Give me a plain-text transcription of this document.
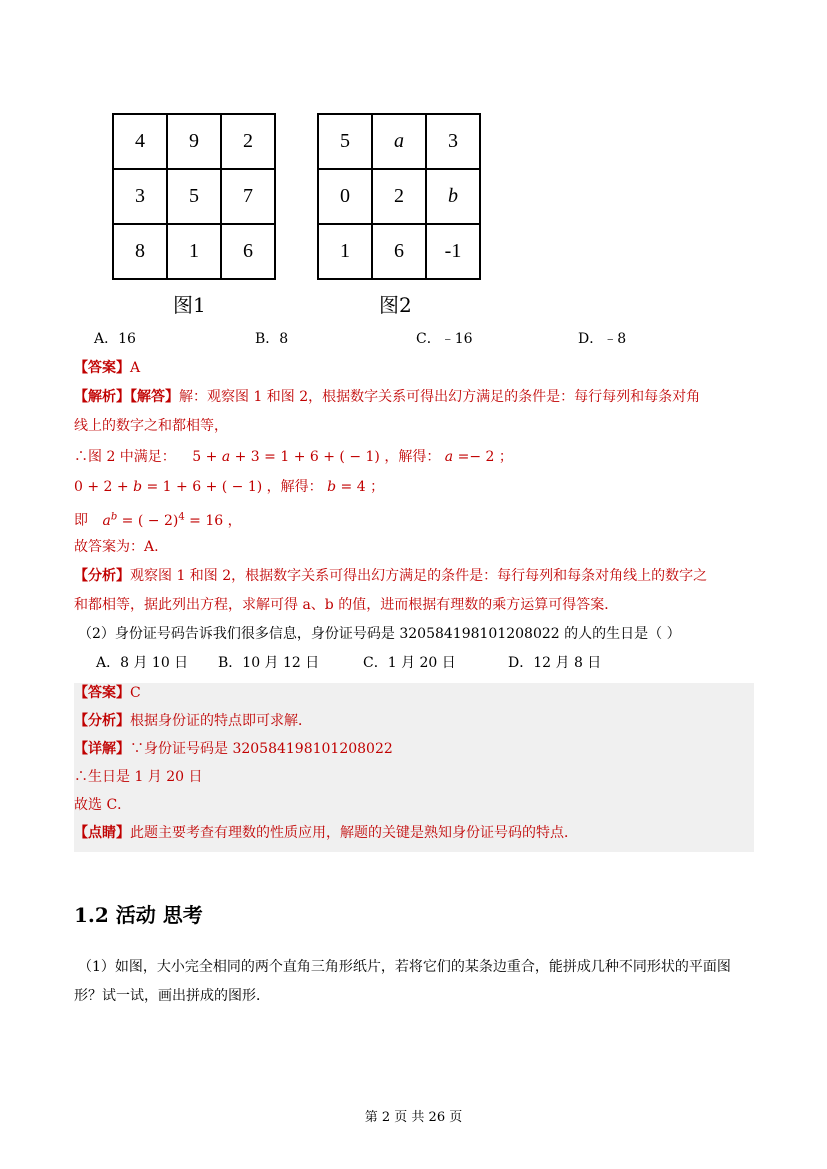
4	9	2
3	5	7
8	1	6
图1
5	a	3
0	2	b
1	6	-1
图2
A．16	B．8	C．﹣16	D．﹣8
【答案】A
【解析】【解答】解：观察图 1 和图 2，根据数字关系可得出幻方满足的条件是：每行每列和每条对角
线上的数字之和都相等，
∴图 2 中满足： 5 + a + 3 = 1 + 6 + ( − 1) ，解得： a =− 2 ；
0 + 2 + b = 1 + 6 + ( − 1) ，解得： b = 4 ；
即 $a^b$ = ( − 2)$^4$ = 16 ，
故答案为：A.
【分析】观察图 1 和图 2，根据数字关系可得出幻方满足的条件是：每行每列和每条对角线上的数字之
和都相等，据此列出方程，求解可得 a、b 的值，进而根据有理数的乘方运算可得答案．
（2）身份证号码告诉我们很多信息，身份证号码是 320584198101208022 的人的生日是（ ）
A．8 月 10 日 B．10 月 12 日	C．1 月 20 日	D．12 月 8 日
【答案】C
【分析】根据身份证的特点即可求解．
【详解】∵身份证号码是 320584198101208022
∴生日是 1 月 20 日
故选 C．
【点睛】此题主要考查有理数的性质应用，解题的关键是熟知身份证号码的特点．
1.2 活动 思考
（1）如图，大小完全相同的两个直角三角形纸片，若将它们的某条边重合，能拼成几种不同形状的平面图
形？试一试，画出拼成的图形．
第 2 页 共 26 页
